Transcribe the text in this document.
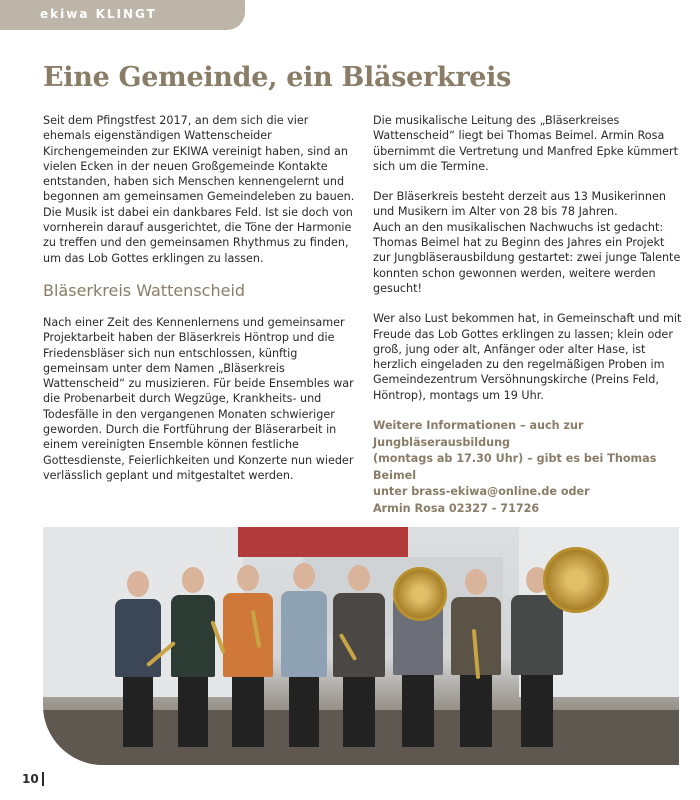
ekiwa KLINGT
Eine Gemeinde, ein Bläserkreis

Seit dem Pfingstfest 2017, an dem sich die vier ehemals eigenständigen Wattenscheider Kirchengemeinden zur EKIWA vereinigt haben, sind an vielen Ecken in der neuen Großgemeinde Kontakte entstanden, haben sich Menschen kennengelernt und begonnen am gemeinsamen Gemeindeleben zu bauen. Die Musik ist dabei ein dankbares Feld. Ist sie doch von vornherein darauf ausgerichtet, die Töne der Harmonie zu treffen und den gemeinsamen Rhythmus zu finden, um das Lob Gottes erklingen zu lassen.

Bläserkreis Wattenscheid

Nach einer Zeit des Kennenlernens und gemeinsamer Projektarbeit haben der Bläserkreis Höntrop und die Friedensbläser sich nun entschlossen, künftig gemeinsam unter dem Namen „Bläserkreis Wattenscheid“ zu musizieren. Für beide Ensembles war die Probenarbeit durch Wegzüge, Krankheits- und Todesfälle in den vergangenen Monaten schwieriger geworden. Durch die Fortführung der Bläserarbeit in einem vereinigten Ensemble können festliche Gottesdienste, Feierlichkeiten und Konzerte nun wieder verlässlich geplant und mitgestaltet werden.

Die musikalische Leitung des „Bläserkreises Wattenscheid“ liegt bei Thomas Beimel. Armin Rosa übernimmt die Vertretung und Manfred Epke kümmert sich um die Termine.

Der Bläserkreis besteht derzeit aus 13 Musikerinnen und Musikern im Alter von 28 bis 78 Jahren.

Auch an den musikalischen Nachwuchs ist gedacht: Thomas Beimel hat zu Beginn des Jahres ein Projekt zur Jungbläserausbildung gestartet: zwei junge Talente konnten schon gewonnen werden, weitere werden gesucht!

Wer also Lust bekommen hat, in Gemeinschaft und mit Freude das Lob Gottes erklingen zu lassen; klein oder groß, jung oder alt, Anfänger oder alter Hase, ist herzlich eingeladen zu den regelmäßigen Proben im Gemeindezentrum Versöhnungskirche (Preins Feld, Höntrop), montags um 19 Uhr.

Weitere Informationen – auch zur Jungbläserausbildung
(montags ab 17.30 Uhr) – gibt es bei Thomas Beimel
unter brass-ekiwa@online.de oder
Armin Rosa 02327 - 71726
10
